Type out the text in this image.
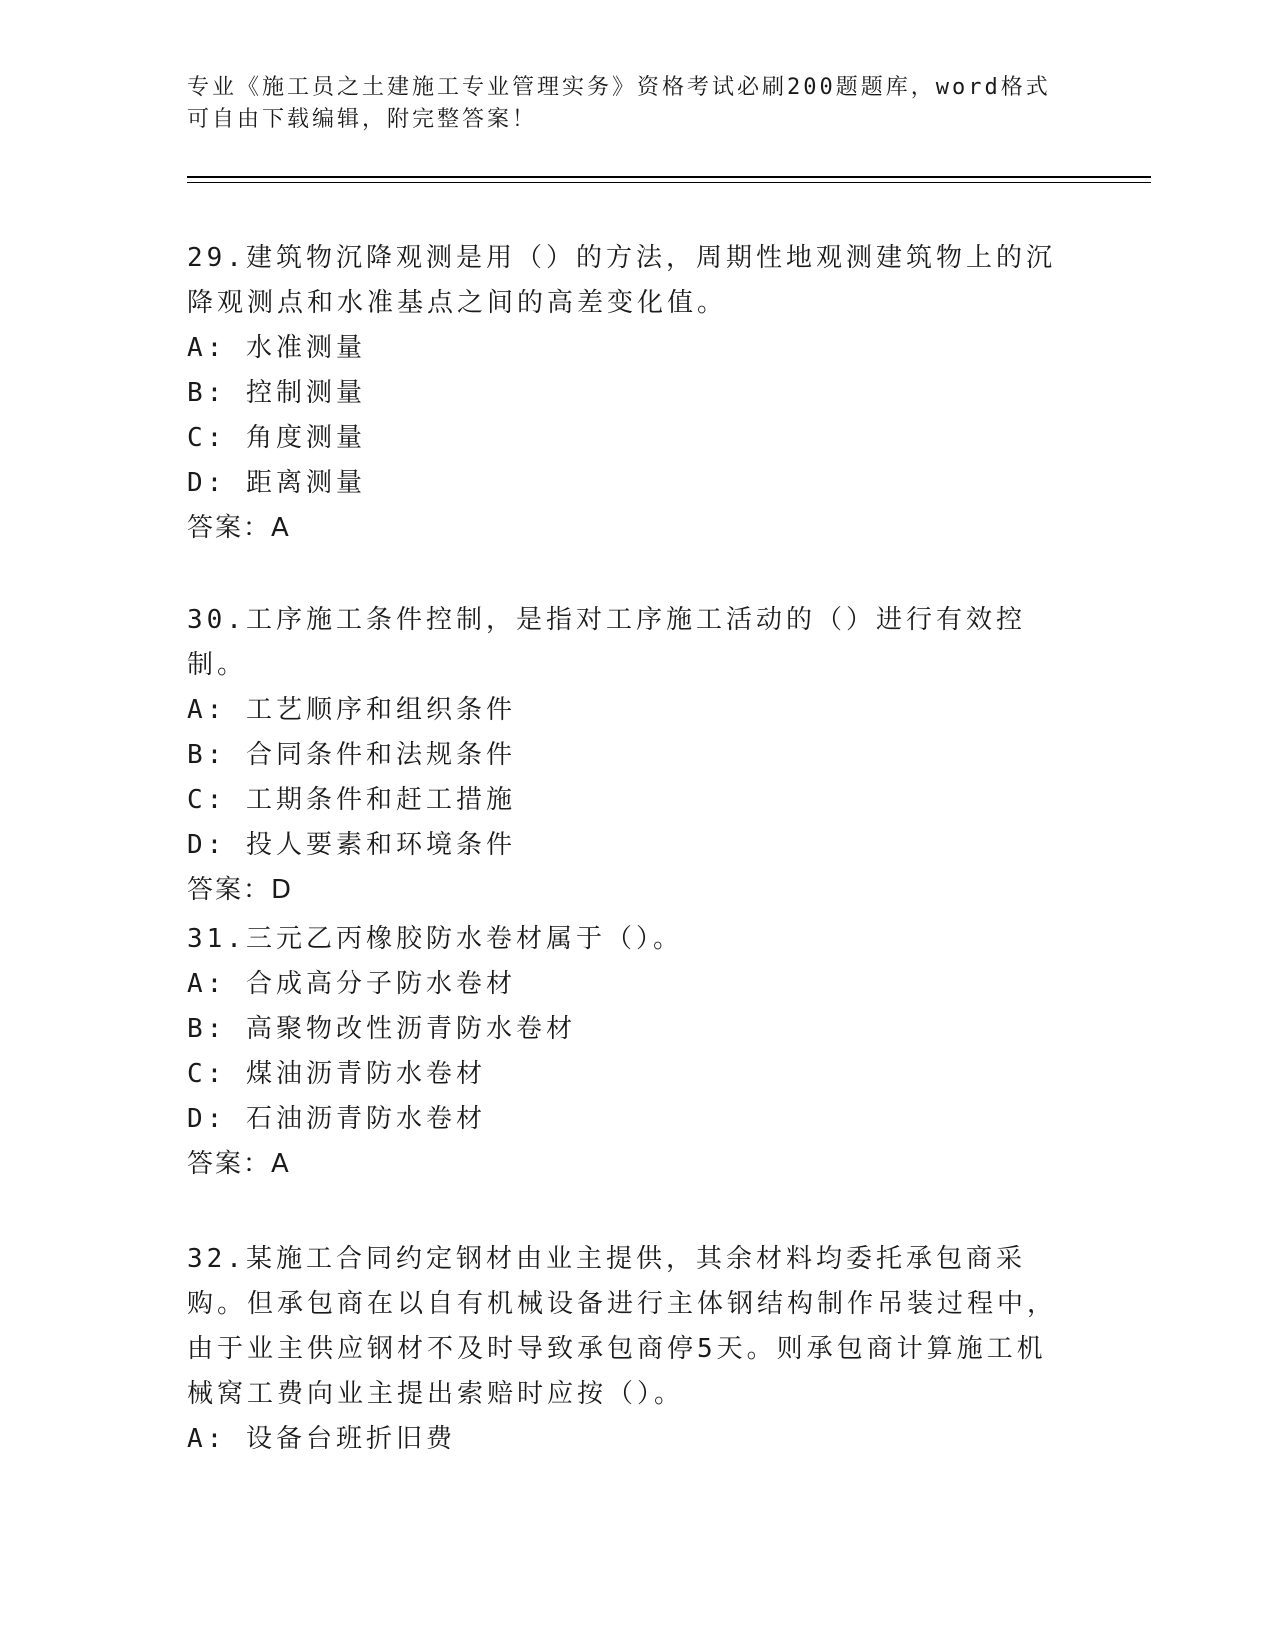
专业《施工员之土建施工专业管理实务》资格考试必刷200题题库，word格式可自由下载编辑，附完整答案！
29.建筑物沉降观测是用（）的方法，周期性地观测建筑物上的沉降观测点和水准基点之间的高差变化值。
A: 水准测量
B: 控制测量
C: 角度测量
D: 距离测量
答案：A
30.工序施工条件控制，是指对工序施工活动的（）进行有效控制。
A: 工艺顺序和组织条件
B: 合同条件和法规条件
C: 工期条件和赶工措施
D: 投人要素和环境条件
答案：D
31.三元乙丙橡胶防水卷材属于（）。
A: 合成高分子防水卷材
B: 高聚物改性沥青防水卷材
C: 煤油沥青防水卷材
D: 石油沥青防水卷材
答案：A
32.某施工合同约定钢材由业主提供，其余材料均委托承包商采购。但承包商在以自有机械设备进行主体钢结构制作吊装过程中，由于业主供应钢材不及时导致承包商停5天。则承包商计算施工机械窝工费向业主提出索赔时应按（）。
A: 设备台班折旧费
